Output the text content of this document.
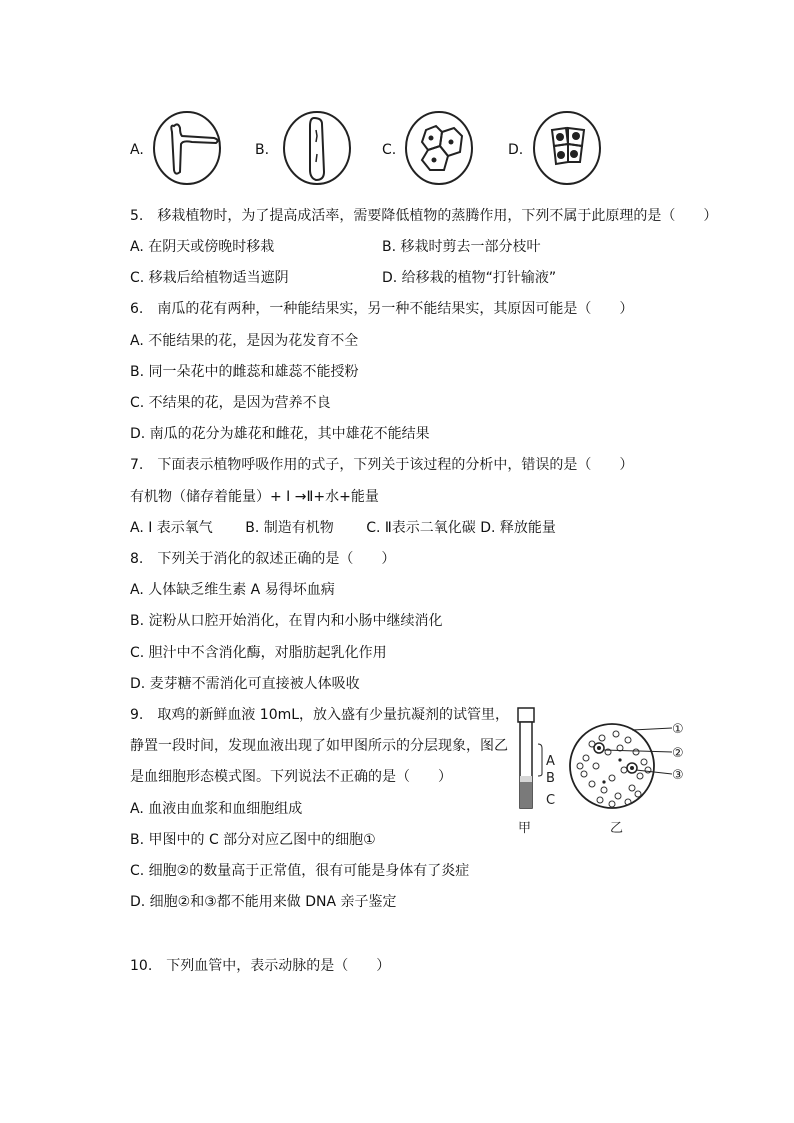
A.	B.	C.	D.
5.　移栽植物时，为了提高成活率，需要降低植物的蒸腾作用，下列不属于此原理的是（　　）
A. 在阴天或傍晚时移栽	B. 移栽时剪去一部分枝叶
C. 移栽后给植物适当遮阴	D. 给移栽的植物“打针输液”
6.　南瓜的花有两种，一种能结果实，另一种不能结果实，其原因可能是（　　）
A. 不能结果的花，是因为花发育不全
B. 同一朵花中的雌蕊和雄蕊不能授粉
C. 不结果的花，是因为营养不良
D. 南瓜的花分为雄花和雌花，其中雄花不能结果
7.　下面表示植物呼吸作用的式子，下列关于该过程的分析中，错误的是（　　）
有机物（储存着能量）+ I →Ⅱ+水+能量
A. I 表示氧气　　 B. 制造有机物　　 C. Ⅱ表示二氧化碳 D. 释放能量
8.　下列关于消化的叙述正确的是（　　）
A. 人体缺乏维生素 A 易得坏血病
B. 淀粉从口腔开始消化，在胃内和小肠中继续消化
C. 胆汁中不含消化酶，对脂肪起乳化作用
D. 麦芽糖不需消化可直接被人体吸收
9.　取鸡的新鲜血液 10mL，放入盛有少量抗凝剂的试管里，
静置一段时间，发现血液出现了如甲图所示的分层现象，图乙
是血细胞形态模式图。下列说法不正确的是（　　）
A. 血液由血浆和血细胞组成
B. 甲图中的 C 部分对应乙图中的细胞①
C. 细胞②的数量高于正常值，很有可能是身体有了炎症
D. 细胞②和③都不能用来做 DNA 亲子鉴定
A
B
C
甲
①
②
③
乙
10.　下列血管中，表示动脉的是（　　）
